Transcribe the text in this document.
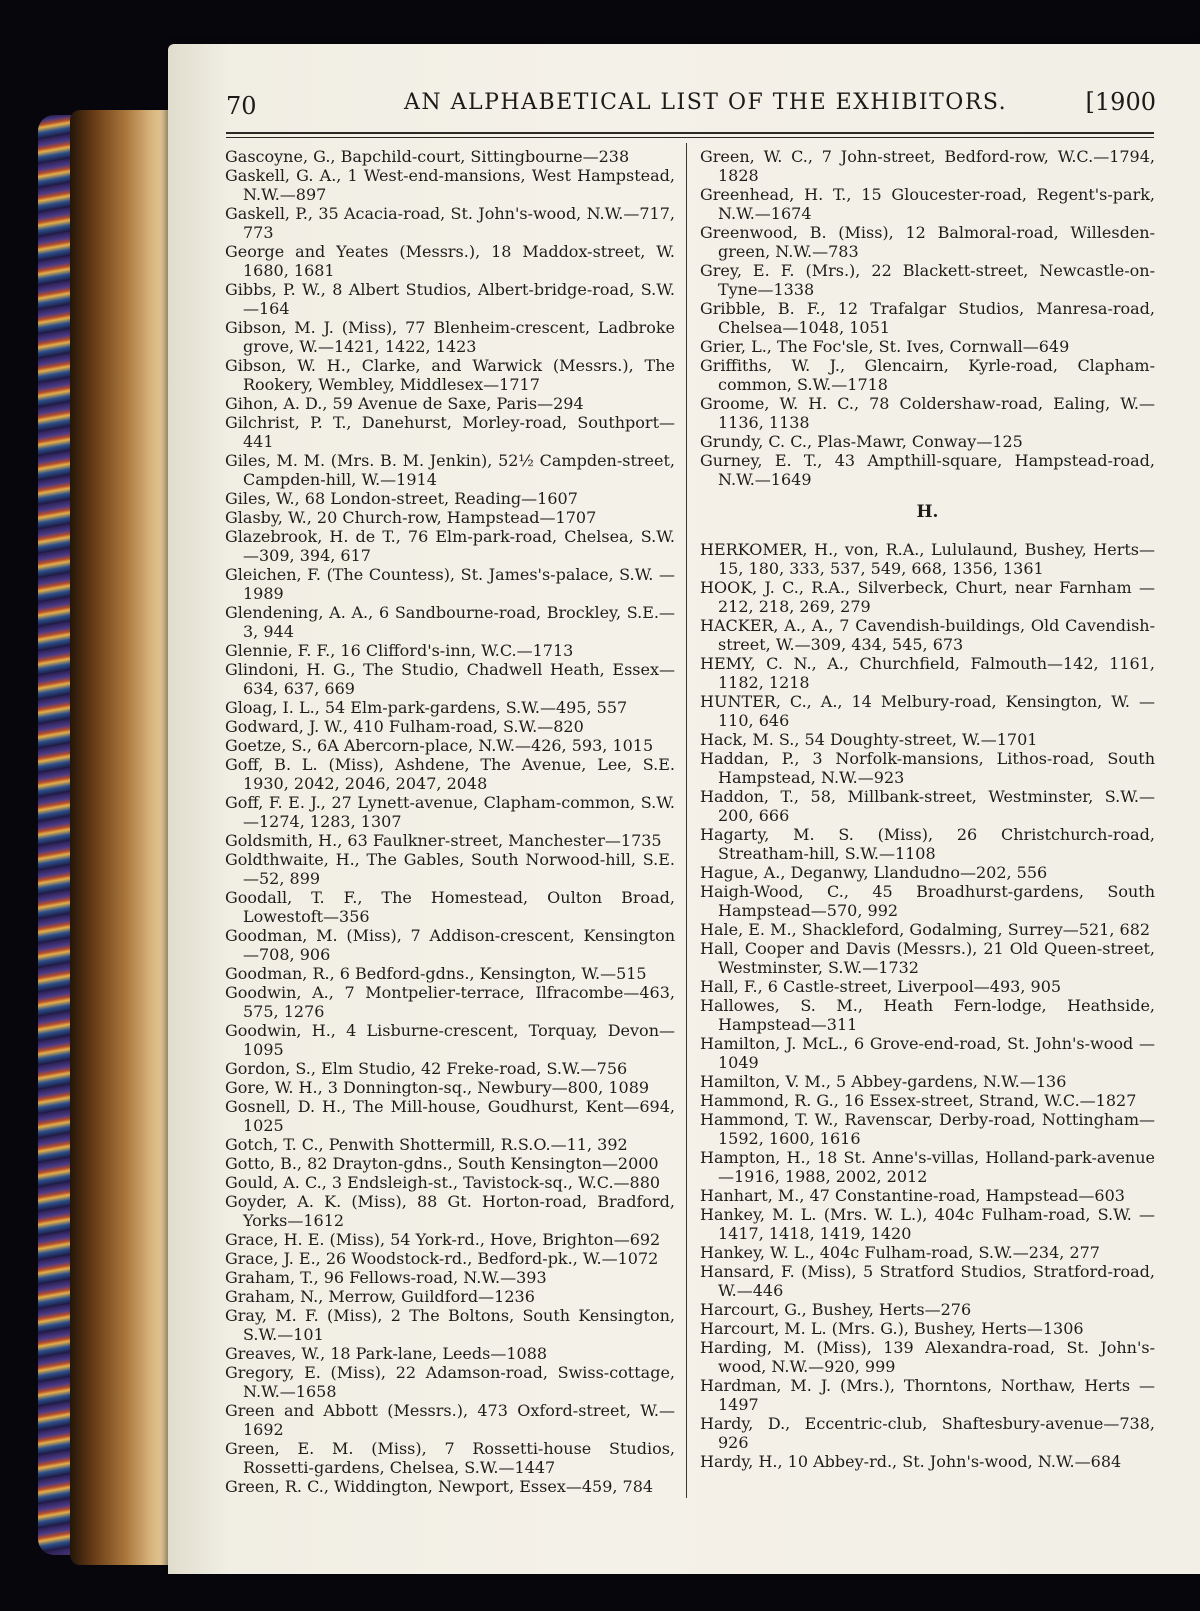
70	AN ALPHABETICAL LIST OF THE EXHIBITORS.	[1900
Gascoyne, G., Bapchild-court, Sittingbourne—238
Gaskell, G. A., 1 West-end-mansions, West Hampstead, N.W.—897
Gaskell, P., 35 Acacia-road, St. John's-wood, N.W.—717, 773
George and Yeates (Messrs.), 18 Maddox-street, W. 1680, 1681
Gibbs, P. W., 8 Albert Studios, Albert-bridge-road, S.W.—164
Gibson, M. J. (Miss), 77 Blenheim-crescent, Ladbroke grove, W.—1421, 1422, 1423
Gibson, W. H., Clarke, and Warwick (Messrs.), The Rookery, Wembley, Middlesex—1717
Gihon, A. D., 59 Avenue de Saxe, Paris—294
Gilchrist, P. T., Danehurst, Morley-road, Southport—441
Giles, M. M. (Mrs. B. M. Jenkin), 52½ Campden-street, Campden-hill, W.—1914
Giles, W., 68 London-street, Reading—1607
Glasby, W., 20 Church-row, Hampstead—1707
Glazebrook, H. de T., 76 Elm-park-road, Chelsea, S.W. —309, 394, 617
Gleichen, F. (The Countess), St. James's-palace, S.W. —1989
Glendening, A. A., 6 Sandbourne-road, Brockley, S.E.—3, 944
Glennie, F. F., 16 Clifford's-inn, W.C.—1713
Glindoni, H. G., The Studio, Chadwell Heath, Essex—634, 637, 669
Gloag, I. L., 54 Elm-park-gardens, S.W.—495, 557
Godward, J. W., 410 Fulham-road, S.W.—820
Goetze, S., 6A Abercorn-place, N.W.—426, 593, 1015
Goff, B. L. (Miss), Ashdene, The Avenue, Lee, S.E. 1930, 2042, 2046, 2047, 2048
Goff, F. E. J., 27 Lynett-avenue, Clapham-common, S.W.—1274, 1283, 1307
Goldsmith, H., 63 Faulkner-street, Manchester—1735
Goldthwaite, H., The Gables, South Norwood-hill, S.E. —52, 899
Goodall, T. F., The Homestead, Oulton Broad, Lowestoft—356
Goodman, M. (Miss), 7 Addison-crescent, Kensington —708, 906
Goodman, R., 6 Bedford-gdns., Kensington, W.—515
Goodwin, A., 7 Montpelier-terrace, Ilfracombe—463, 575, 1276
Goodwin, H., 4 Lisburne-crescent, Torquay, Devon—1095
Gordon, S., Elm Studio, 42 Freke-road, S.W.—756
Gore, W. H., 3 Donnington-sq., Newbury—800, 1089
Gosnell, D. H., The Mill-house, Goudhurst, Kent—694, 1025
Gotch, T. C., Penwith Shottermill, R.S.O.—11, 392
Gotto, B., 82 Drayton-gdns., South Kensington—2000
Gould, A. C., 3 Endsleigh-st., Tavistock-sq., W.C.—880
Goyder, A. K. (Miss), 88 Gt. Horton-road, Bradford, Yorks—1612
Grace, H. E. (Miss), 54 York-rd., Hove, Brighton—692
Grace, J. E., 26 Woodstock-rd., Bedford-pk., W.—1072
Graham, T., 96 Fellows-road, N.W.—393
Graham, N., Merrow, Guildford—1236
Gray, M. F. (Miss), 2 The Boltons, South Kensington, S.W.—101
Greaves, W., 18 Park-lane, Leeds—1088
Gregory, E. (Miss), 22 Adamson-road, Swiss-cottage, N.W.—1658
Green and Abbott (Messrs.), 473 Oxford-street, W.—1692
Green, E. M. (Miss), 7 Rossetti-house Studios, Rossetti-gardens, Chelsea, S.W.—1447
Green, R. C., Widdington, Newport, Essex—459, 784
Green, W. C., 7 John-street, Bedford-row, W.C.—1794, 1828
Greenhead, H. T., 15 Gloucester-road, Regent's-park, N.W.—1674
Greenwood, B. (Miss), 12 Balmoral-road, Willesden-green, N.W.—783
Grey, E. F. (Mrs.), 22 Blackett-street, Newcastle-on-Tyne—1338
Gribble, B. F., 12 Trafalgar Studios, Manresa-road, Chelsea—1048, 1051
Grier, L., The Foc'sle, St. Ives, Cornwall—649
Griffiths, W. J., Glencairn, Kyrle-road, Clapham-common, S.W.—1718
Groome, W. H. C., 78 Coldershaw-road, Ealing, W.—1136, 1138
Grundy, C. C., Plas-Mawr, Conway—125
Gurney, E. T., 43 Ampthill-square, Hampstead-road, N.W.—1649
H.
HERKOMER, H., von, R.A., Lululaund, Bushey, Herts—15, 180, 333, 537, 549, 668, 1356, 1361
HOOK, J. C., R.A., Silverbeck, Churt, near Farnham —212, 218, 269, 279
HACKER, A., A., 7 Cavendish-buildings, Old Cavendish-street, W.—309, 434, 545, 673
HEMY, C. N., A., Churchfield, Falmouth—142, 1161, 1182, 1218
HUNTER, C., A., 14 Melbury-road, Kensington, W. —110, 646
Hack, M. S., 54 Doughty-street, W.—1701
Haddan, P., 3 Norfolk-mansions, Lithos-road, South Hampstead, N.W.—923
Haddon, T., 58, Millbank-street, Westminster, S.W.—200, 666
Hagarty, M. S. (Miss), 26 Christchurch-road, Streatham-hill, S.W.—1108
Hague, A., Deganwy, Llandudno—202, 556
Haigh-Wood, C., 45 Broadhurst-gardens, South Hampstead—570, 992
Hale, E. M., Shackleford, Godalming, Surrey—521, 682
Hall, Cooper and Davis (Messrs.), 21 Old Queen-street, Westminster, S.W.—1732
Hall, F., 6 Castle-street, Liverpool—493, 905
Hallowes, S. M., Heath Fern-lodge, Heathside, Hampstead—311
Hamilton, J. McL., 6 Grove-end-road, St. John's-wood —1049
Hamilton, V. M., 5 Abbey-gardens, N.W.—136
Hammond, R. G., 16 Essex-street, Strand, W.C.—1827
Hammond, T. W., Ravenscar, Derby-road, Nottingham—1592, 1600, 1616
Hampton, H., 18 St. Anne's-villas, Holland-park-avenue—1916, 1988, 2002, 2012
Hanhart, M., 47 Constantine-road, Hampstead—603
Hankey, M. L. (Mrs. W. L.), 404c Fulham-road, S.W. —1417, 1418, 1419, 1420
Hankey, W. L., 404c Fulham-road, S.W.—234, 277
Hansard, F. (Miss), 5 Stratford Studios, Stratford-road, W.—446
Harcourt, G., Bushey, Herts—276
Harcourt, M. L. (Mrs. G.), Bushey, Herts—1306
Harding, M. (Miss), 139 Alexandra-road, St. John's-wood, N.W.—920, 999
Hardman, M. J. (Mrs.), Thorntons, Northaw, Herts —1497
Hardy, D., Eccentric-club, Shaftesbury-avenue—738, 926
Hardy, H., 10 Abbey-rd., St. John's-wood, N.W.—684
